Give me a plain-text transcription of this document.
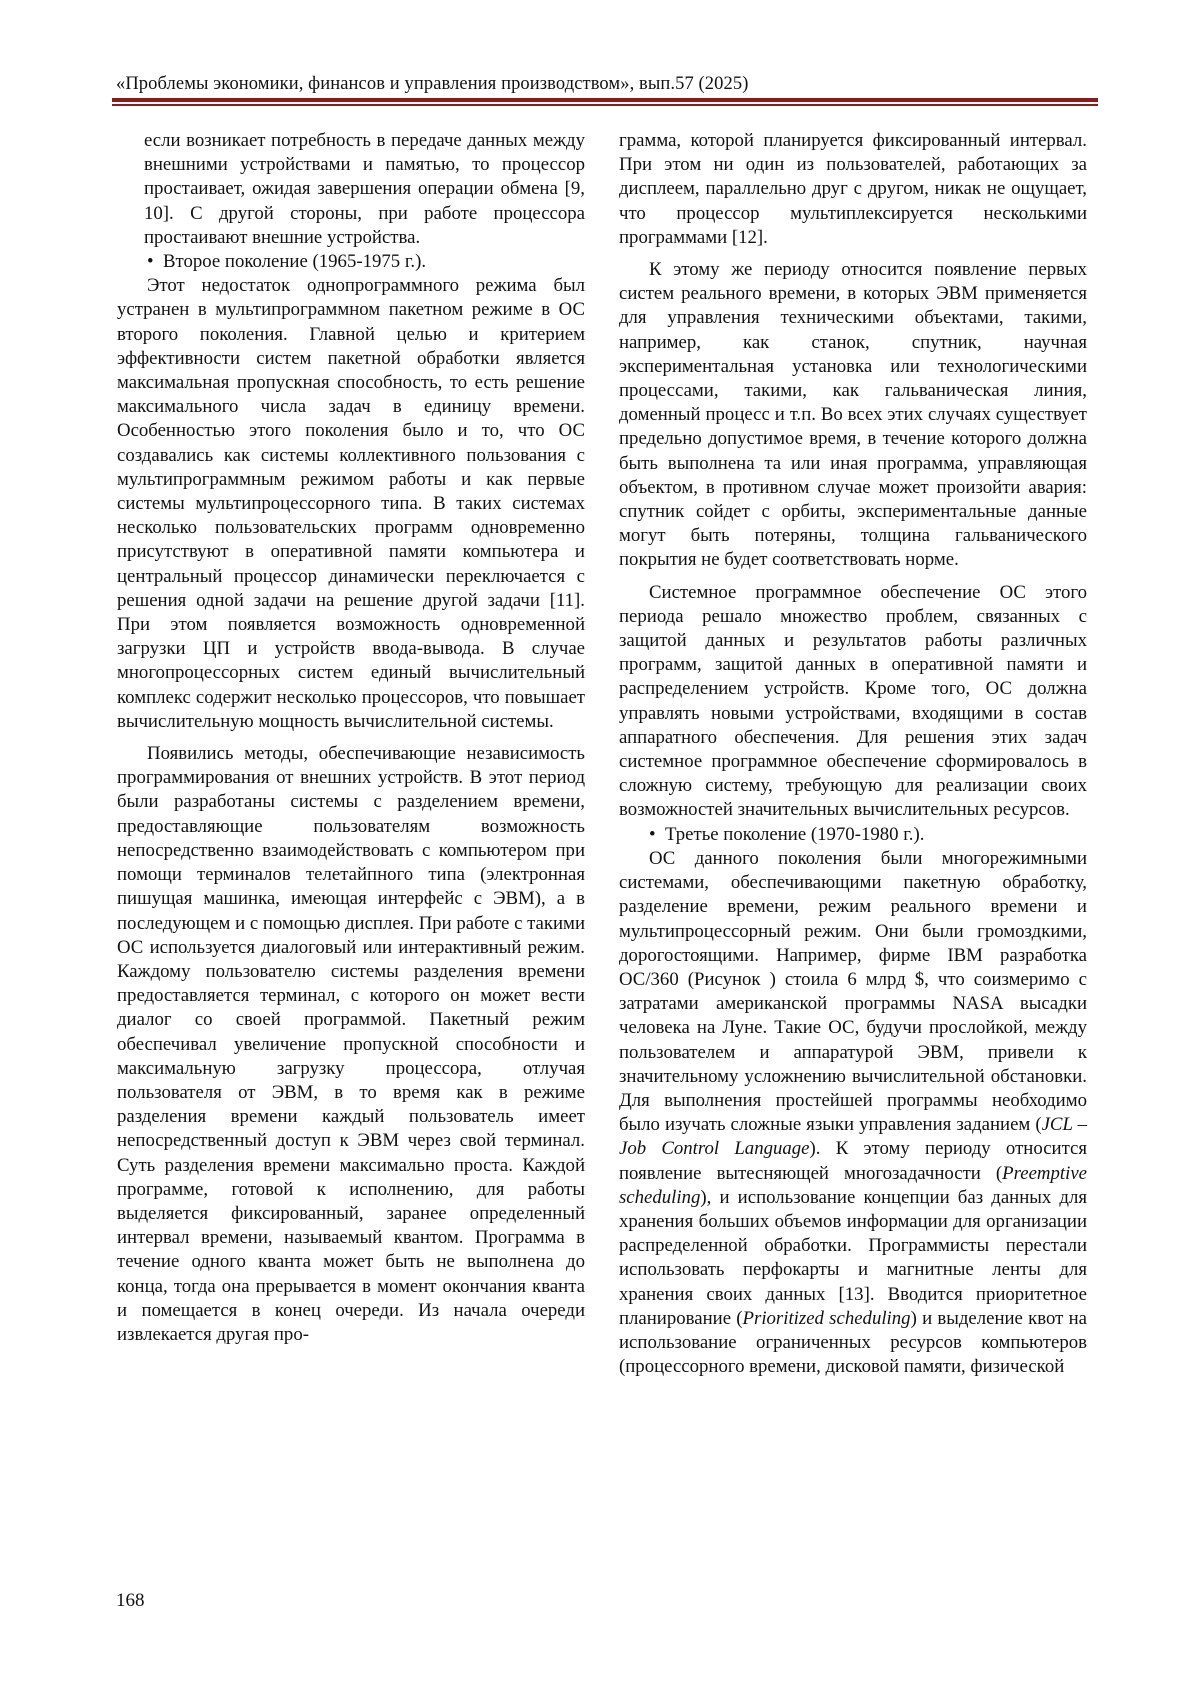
«Проблемы экономики, финансов и управления производством», вып.57 (2025)

если возникает потребность в передаче данных между внешними устройствами и памятью, то процессор простаивает, ожидая завершения операции обмена [9, 10]. С другой стороны, при работе процессора простаивают внешние устройства.

• Второе поколение (1965-1975 г.).

Этот недостаток однопрограммного режима был устранен в мультипрограммном пакетном режиме в ОС второго поколения. Главной целью и критерием эффективности систем пакетной обработки является максимальная пропускная способность, то есть решение максимального числа задач в единицу времени. Особенностью этого поколения было и то, что ОС создавались как системы коллективного пользования с мультипрограммным режимом работы и как первые системы мультипроцессорного типа. В таких системах несколько пользовательских программ одновременно присутствуют в оперативной памяти компьютера и центральный процессор динамически переключается с решения одной задачи на решение другой задачи [11]. При этом появляется возможность одновременной загрузки ЦП и устройств ввода-вывода. В случае многопроцессорных систем единый вычислительный комплекс содержит несколько процессоров, что повышает вычислительную мощность вычислительной системы.

Появились методы, обеспечивающие независимость программирования от внешних устройств. В этот период были разработаны системы с разделением времени, предоставляющие пользователям возможность непосредственно взаимодействовать с компьютером при помощи терминалов телетайпного типа (электронная пишущая машинка, имеющая интерфейс с ЭВМ), а в последующем и с помощью дисплея. При работе с такими ОС используется диалоговый или интерактивный режим. Каждому пользователю системы разделения времени предоставляется терминал, с которого он может вести диалог со своей программой. Пакетный режим обеспечивал увеличение пропускной способности и максимальную загрузку процессора, отлучая пользователя от ЭВМ, в то время как в режиме разделения времени каждый пользователь имеет непосредственный доступ к ЭВМ через свой терминал. Суть разделения времени максимально проста. Каждой программе, готовой к исполнению, для работы выделяется фиксированный, заранее определенный интервал времени, называемый квантом. Программа в течение одного кванта может быть не выполнена до конца, тогда она прерывается в момент окончания кванта и помещается в конец очереди. Из начала очереди извлекается другая про-

грамма, которой планируется фиксированный интервал. При этом ни один из пользователей, работающих за дисплеем, параллельно друг с другом, никак не ощущает, что процессор мультиплексируется несколькими программами [12].

К этому же периоду относится появление первых систем реального времени, в которых ЭВМ применяется для управления техническими объектами, такими, например, как станок, спутник, научная экспериментальная установка или технологическими процессами, такими, как гальваническая линия, доменный процесс и т.п. Во всех этих случаях существует предельно допустимое время, в течение которого должна быть выполнена та или иная программа, управляющая объектом, в противном случае может произойти авария: спутник сойдет с орбиты, экспериментальные данные могут быть потеряны, толщина гальванического покрытия не будет соответствовать норме.

Системное программное обеспечение ОС этого периода решало множество проблем, связанных с защитой данных и результатов работы различных программ, защитой данных в оперативной памяти и распределением устройств. Кроме того, ОС должна управлять новыми устройствами, входящими в состав аппаратного обеспечения. Для решения этих задач системное программное обеспечение сформировалось в сложную систему, требующую для реализации своих возможностей значительных вычислительных ресурсов.

• Третье поколение (1970-1980 г.).

ОС данного поколения были многорежимными системами, обеспечивающими пакетную обработку, разделение времени, режим реального времени и мультипроцессорный режим. Они были громоздкими, дорогостоящими. Например, фирме IBM разработка ОС/360 (Рисунок ) стоила 6 млрд $, что соизмеримо с затратами американской программы NASA высадки человека на Луне. Такие ОС, будучи прослойкой, между пользователем и аппаратурой ЭВМ, привели к значительному усложнению вычислительной обстановки. Для выполнения простейшей программы необходимо было изучать сложные языки управления заданием (JCL – Job Control Language). К этому периоду относится появление вытесняющей многозадачности (Preemptive scheduling), и использование концепции баз данных для хранения больших объемов информации для организации распределенной обработки. Программисты перестали использовать перфокарты и магнитные ленты для хранения своих данных [13]. Вводится приоритетное планирование (Prioritized scheduling) и выделение квот на использование ограниченных ресурсов компьютеров (процессорного времени, дисковой памяти, физической

168
